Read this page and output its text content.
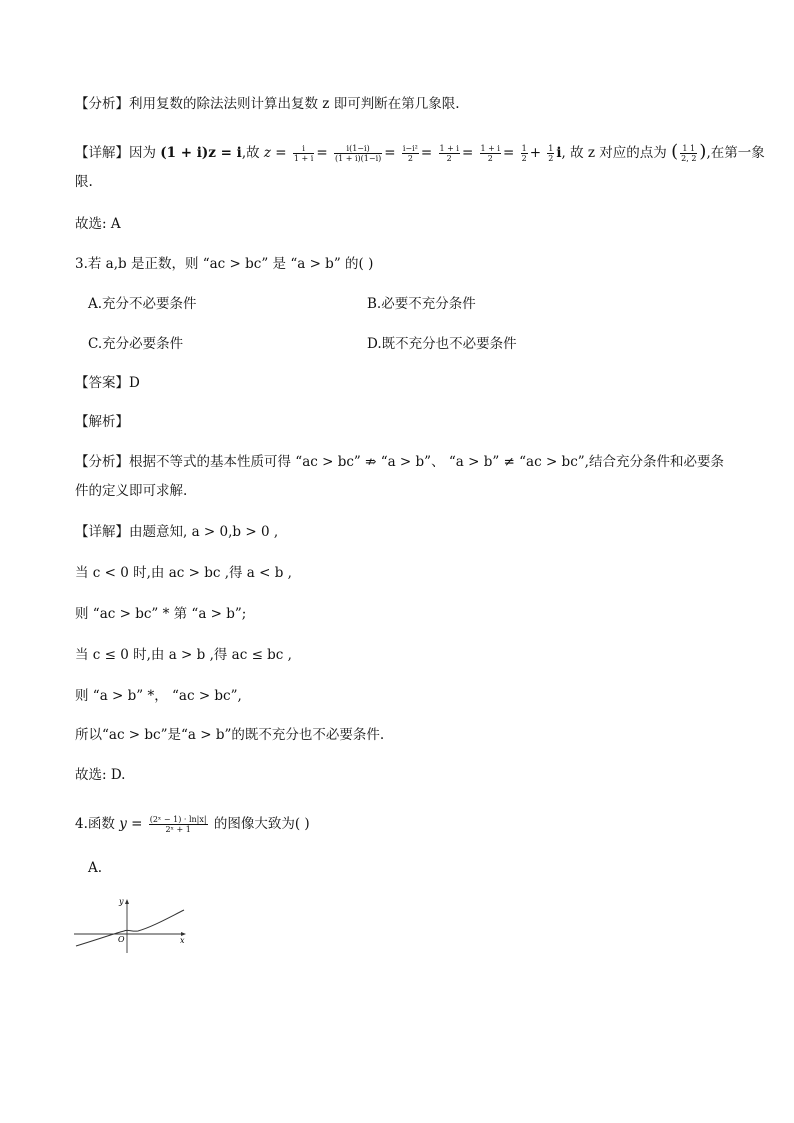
【分析】利用复数的除法法则计算出复数 z 即可判断在第几象限.
【详解】因为 (1 + i)z = i,故 $z = \frac{i}{1 + i} = \frac{i(1-i)}{(1 + i)(1-i)} = \frac{\text{i−i²}}{2} = \frac{1 + i}{2} = \frac{1 + i}{2} = \frac{1}{2} + \frac{1}{2} i$, 故 z 对应的点为 ( $\frac{1 1}{2, 2}$ ),在第一象
限.
故选: A
3.若 a,b 是正数，则 “ac > bc” 是 “a > b” 的( )
A.充分不必要条件	B.必要不充分条件
C.充分必要条件	D.既不充分也不必要条件
【答案】D
【解析】
【分析】根据不等式的基本性质可得 “ac > bc” ⇏ “a > b”、 “a > b” ≠ “ac > bc”,结合充分条件和必要条
件的定义即可求解.
【详解】由题意知, a > 0,b > 0 ,
当 c < 0 时,由 ac > bc ,得 a < b ,
则 “ac > bc” * 第 “a > b”;
当 c ≤ 0 时,由 a > b ,得 ac ≤ bc ,
则 “a > b” *， “ac > bc”,
所以“ac > bc”是“a > b”的既不充分也不必要条件.
故选: D.
4.函数 $y = \frac{\text{(2ˣ − 1) · ln|x|}}{\text{2ˣ + 1}}$ 的图像大致为( )
A.
x
y
O
